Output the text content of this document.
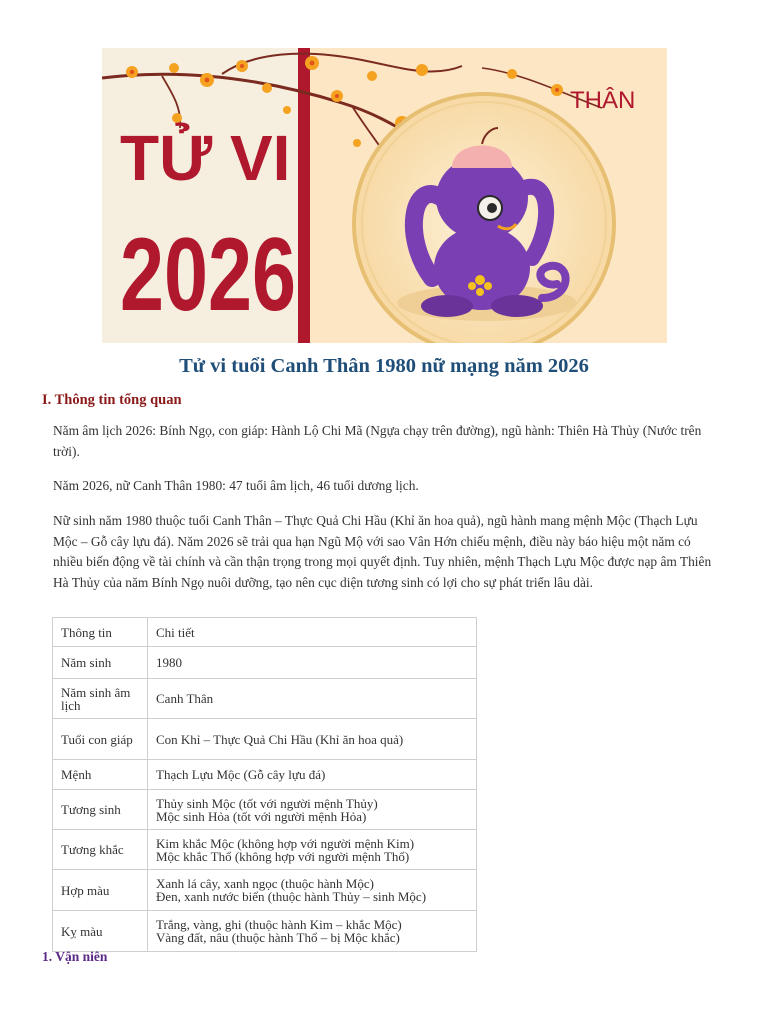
TỬ VI
2026
THÂN
Tử vi tuổi Canh Thân 1980 nữ mạng năm 2026
I. Thông tin tổng quan

Năm âm lịch 2026: Bính Ngọ, con giáp: Hành Lộ Chi Mã (Ngựa chạy trên đường), ngũ hành: Thiên Hà Thủy (Nước trên trời).

Năm 2026, nữ Canh Thân 1980: 47 tuổi âm lịch, 46 tuổi dương lịch.

Nữ sinh năm 1980 thuộc tuổi Canh Thân – Thực Quả Chi Hầu (Khỉ ăn hoa quả), ngũ hành mang mệnh Mộc (Thạch Lựu Mộc – Gỗ cây lựu đá). Năm 2026 sẽ trải qua hạn Ngũ Mộ với sao Vân Hớn chiếu mệnh, điều này báo hiệu một năm có nhiều biến động về tài chính và cần thận trọng trong mọi quyết định. Tuy nhiên, mệnh Thạch Lựu Mộc được nạp âm Thiên Hà Thủy của năm Bính Ngọ nuôi dưỡng, tạo nên cục diện tương sinh có lợi cho sự phát triển lâu dài.

Thông tin	Chi tiết
Năm sinh	1980

Năm sinh âm lịch	Canh Thân

Tuổi con giáp	Con Khỉ – Thực Quả Chi Hầu (Khỉ ăn hoa quả)

Mệnh	Thạch Lựu Mộc (Gỗ cây lựu đá)

Tương sinh	Thủy sinh Mộc (tốt với người mệnh Thủy)
Mộc sinh Hỏa (tốt với người mệnh Hỏa)

Tương khắc	Kim khắc Mộc (không hợp với người mệnh Kim)
Mộc khắc Thổ (không hợp với người mệnh Thổ)

Hợp màu	Xanh lá cây, xanh ngọc (thuộc hành Mộc)
Đen, xanh nước biển (thuộc hành Thủy – sinh Mộc)

Kỵ màu	Trắng, vàng, ghi (thuộc hành Kim – khắc Mộc)
Vàng đất, nâu (thuộc hành Thổ – bị Mộc khắc)
1. Vận niên
